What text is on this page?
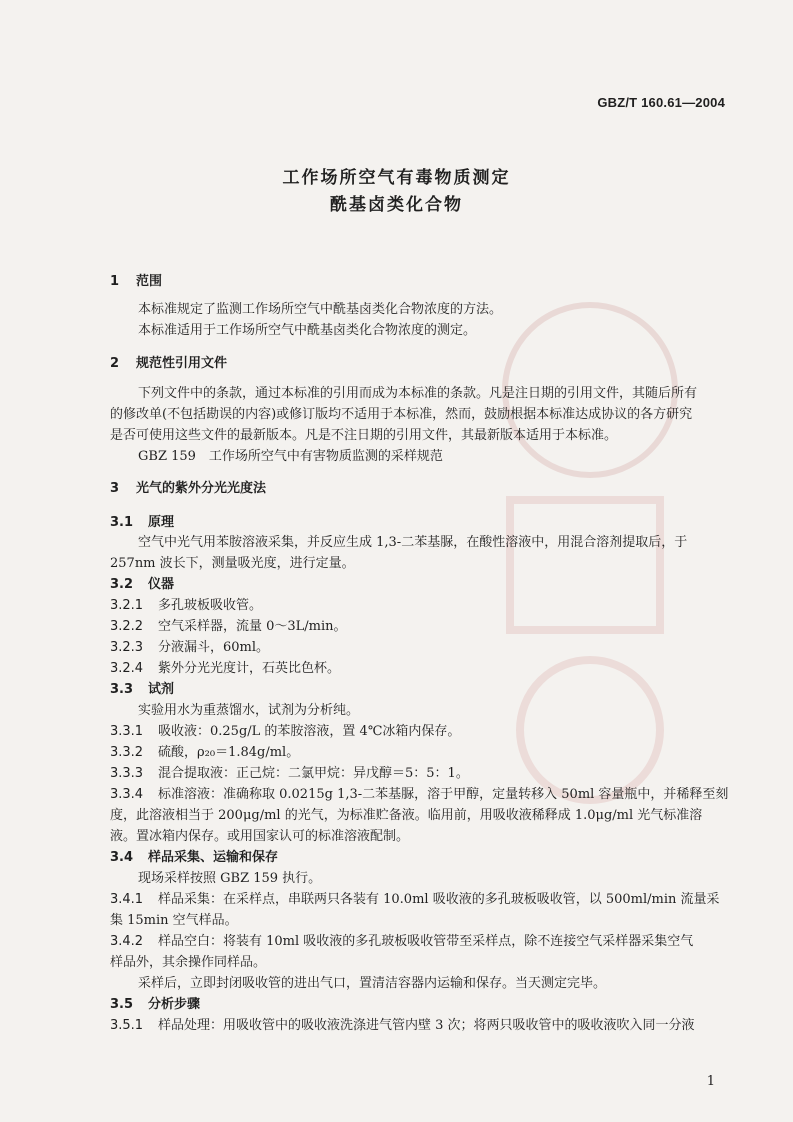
GBZ/T 160.61—2004
工作场所空气有毒物质测定
酰基卤类化合物
1 范围
本标准规定了监测工作场所空气中酰基卤类化合物浓度的方法。
本标准适用于工作场所空气中酰基卤类化合物浓度的测定。
2 规范性引用文件
下列文件中的条款，通过本标准的引用而成为本标准的条款。凡是注日期的引用文件，其随后所有
的修改单(不包括勘误的内容)或修订版均不适用于本标准，然而，鼓励根据本标准达成协议的各方研究
是否可使用这些文件的最新版本。凡是不注日期的引用文件，其最新版本适用于本标准。
GBZ 159　工作场所空气中有害物质监测的采样规范
3 光气的紫外分光光度法
3.1 原理
空气中光气用苯胺溶液采集，并反应生成 1,3-二苯基脲，在酸性溶液中，用混合溶剂提取后，于
257nm 波长下，测量吸光度，进行定量。
3.2 仪器
3.2.1 多孔玻板吸收管。
3.2.2 空气采样器，流量 0～3L/min。
3.2.3 分液漏斗，60ml。
3.2.4 紫外分光光度计，石英比色杯。
3.3 试剂
实验用水为重蒸馏水，试剂为分析纯。
3.3.1 吸收液：0.25g/L 的苯胺溶液，置 4℃冰箱内保存。
3.3.2 硫酸，ρ₂₀＝1.84g/ml。
3.3.3 混合提取液：正己烷：二氯甲烷：异戊醇＝5：5：1。
3.3.4 标准溶液：准确称取 0.0215g 1,3-二苯基脲，溶于甲醇，定量转移入 50ml 容量瓶中，并稀释至刻
度，此溶液相当于 200μg/ml 的光气，为标准贮备液。临用前，用吸收液稀释成 1.0μg/ml 光气标准溶
液。置冰箱内保存。或用国家认可的标准溶液配制。
3.4 样品采集、运输和保存
现场采样按照 GBZ 159 执行。
3.4.1 样品采集：在采样点，串联两只各装有 10.0ml 吸收液的多孔玻板吸收管，以 500ml/min 流量采
集 15min 空气样品。
3.4.2 样品空白：将装有 10ml 吸收液的多孔玻板吸收管带至采样点，除不连接空气采样器采集空气
样品外，其余操作同样品。
采样后，立即封闭吸收管的进出气口，置清洁容器内运输和保存。当天测定完毕。
3.5 分析步骤
3.5.1 样品处理：用吸收管中的吸收液洗涤进气管内壁 3 次；将两只吸收管中的吸收液吹入同一分液
1
